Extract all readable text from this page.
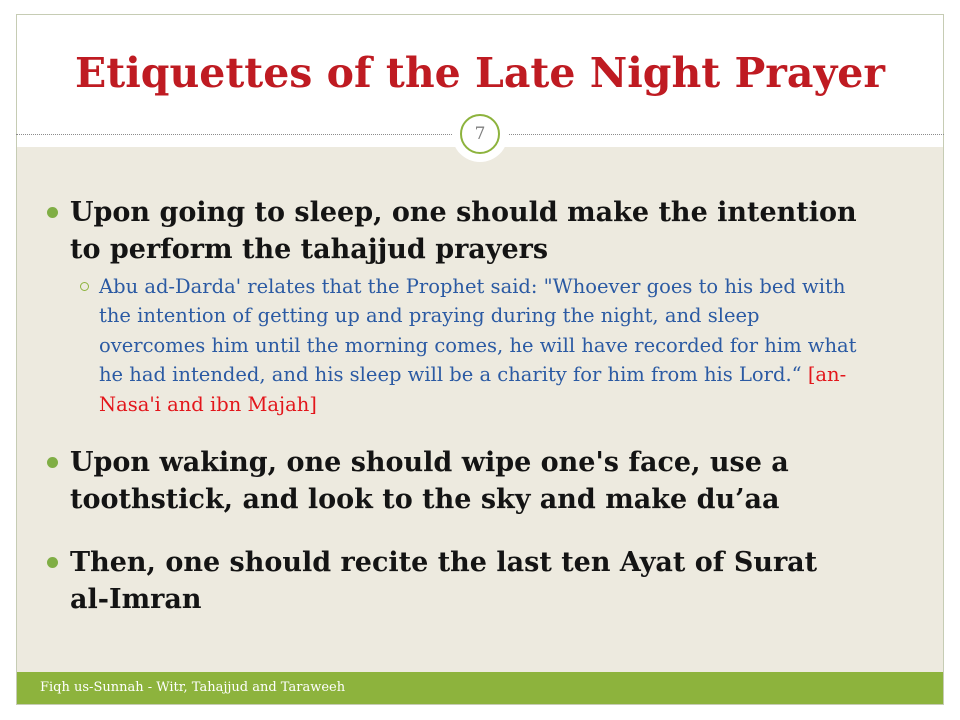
Fiqh us-Sunnah - Witr, Tahajjud and Taraweeh
Etiquettes of the Late Night Prayer
7
Upon going to sleep, one should make the intention
to perform the tahajjud prayers
Abu ad-Darda' relates that the Prophet said: "Whoever goes to his bed with
the intention of getting up and praying during the night, and sleep
overcomes him until the morning comes, he will have recorded for him what
he had intended, and his sleep will be a charity for him from his Lord.“ [an-
Nasa'i and ibn Majah]
Upon waking, one should wipe one's face, use a
toothstick, and look to the sky and make du’aa
Then, one should recite the last ten Ayat of Surat
al-Imran
